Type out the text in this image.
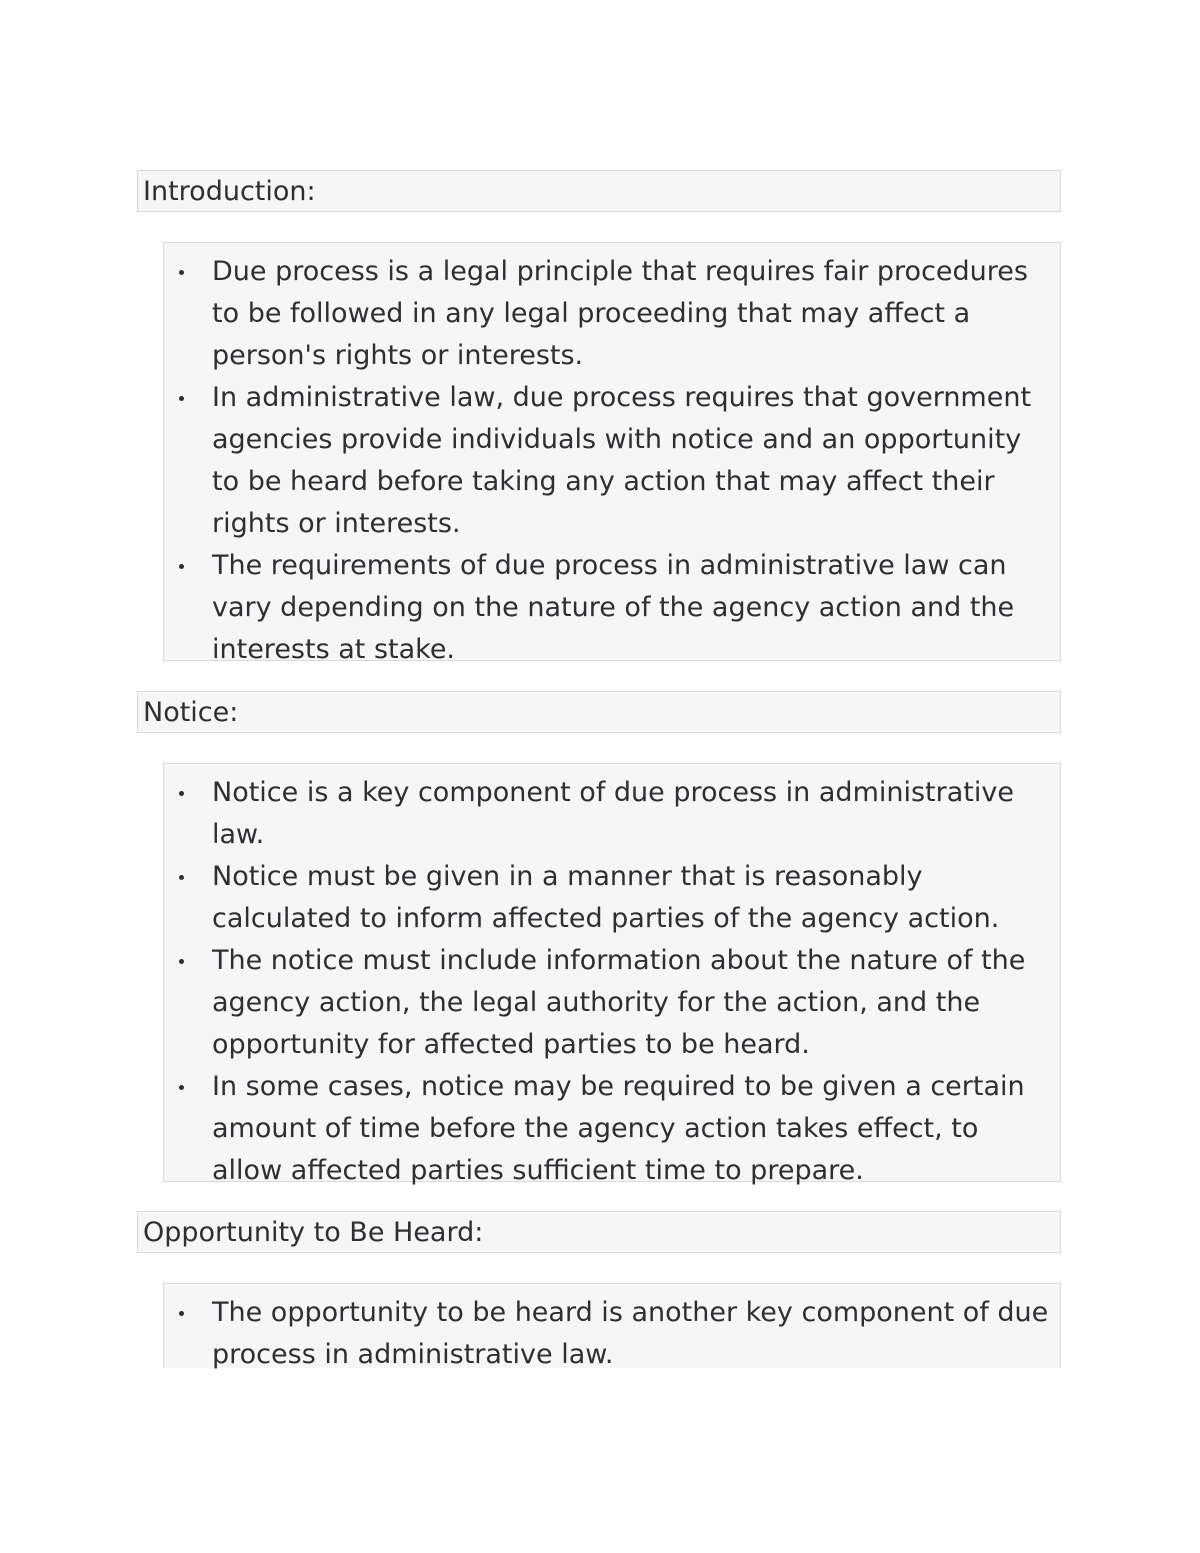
Introduction:
Due process is a legal principle that requires fair procedures to be followed in any legal proceeding that may affect a person's rights or interests.
In administrative law, due process requires that government agencies provide individuals with notice and an opportunity to be heard before taking any action that may affect their rights or interests.
The requirements of due process in administrative law can vary depending on the nature of the agency action and the interests at stake.
Notice:
Notice is a key component of due process in administrative law.
Notice must be given in a manner that is reasonably calculated to inform affected parties of the agency action.
The notice must include information about the nature of the agency action, the legal authority for the action, and the opportunity for affected parties to be heard.
In some cases, notice may be required to be given a certain amount of time before the agency action takes effect, to allow affected parties sufficient time to prepare.
Opportunity to Be Heard:
The opportunity to be heard is another key component of due process in administrative law.
